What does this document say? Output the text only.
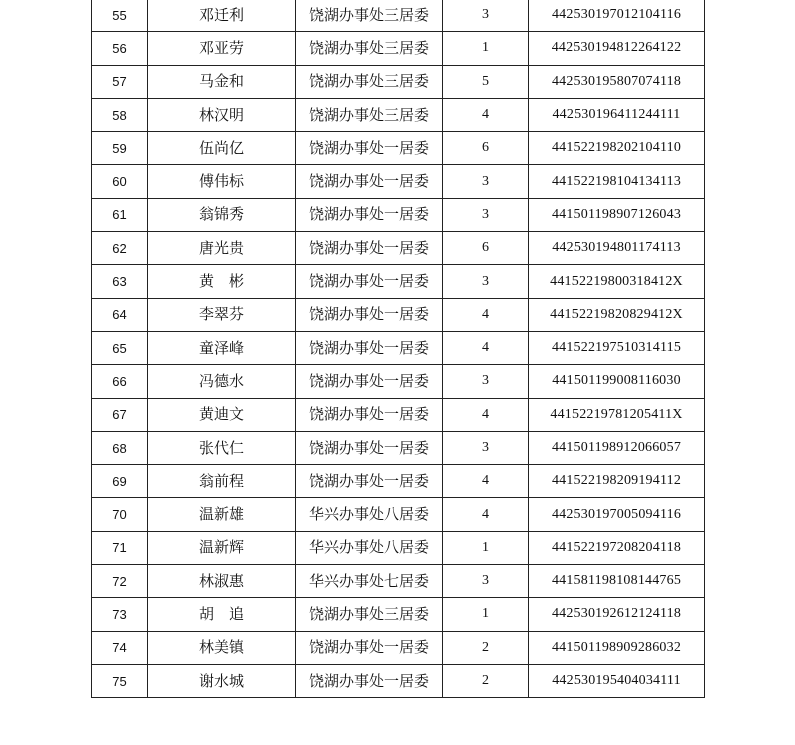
55	邓迁利	饶湖办事处三居委	3	442530197012104116
56	邓亚劳	饶湖办事处三居委	1	442530194812264122
57	马金和	饶湖办事处三居委	5	442530195807074118
58	林汉明	饶湖办事处三居委	4	442530196411244111
59	伍尚亿	饶湖办事处一居委	6	441522198202104110
60	傅伟标	饶湖办事处一居委	3	441522198104134113
61	翁锦秀	饶湖办事处一居委	3	441501198907126043
62	唐光贵	饶湖办事处一居委	6	442530194801174113
63	黄　彬	饶湖办事处一居委	3	44152219800318412X
64	李翠芬	饶湖办事处一居委	4	44152219820829412X
65	童泽峰	饶湖办事处一居委	4	441522197510314115
66	冯德水	饶湖办事处一居委	3	441501199008116030
67	黄迪文	饶湖办事处一居委	4	44152219781205411X
68	张代仁	饶湖办事处一居委	3	441501198912066057
69	翁前程	饶湖办事处一居委	4	441522198209194112
70	温新雄	华兴办事处八居委	4	442530197005094116
71	温新辉	华兴办事处八居委	1	441522197208204118
72	林淑惠	华兴办事处七居委	3	441581198108144765
73	胡　追	饶湖办事处三居委	1	442530192612124118
74	林美镇	饶湖办事处一居委	2	441501198909286032
75	谢水城	饶湖办事处一居委	2	442530195404034111
